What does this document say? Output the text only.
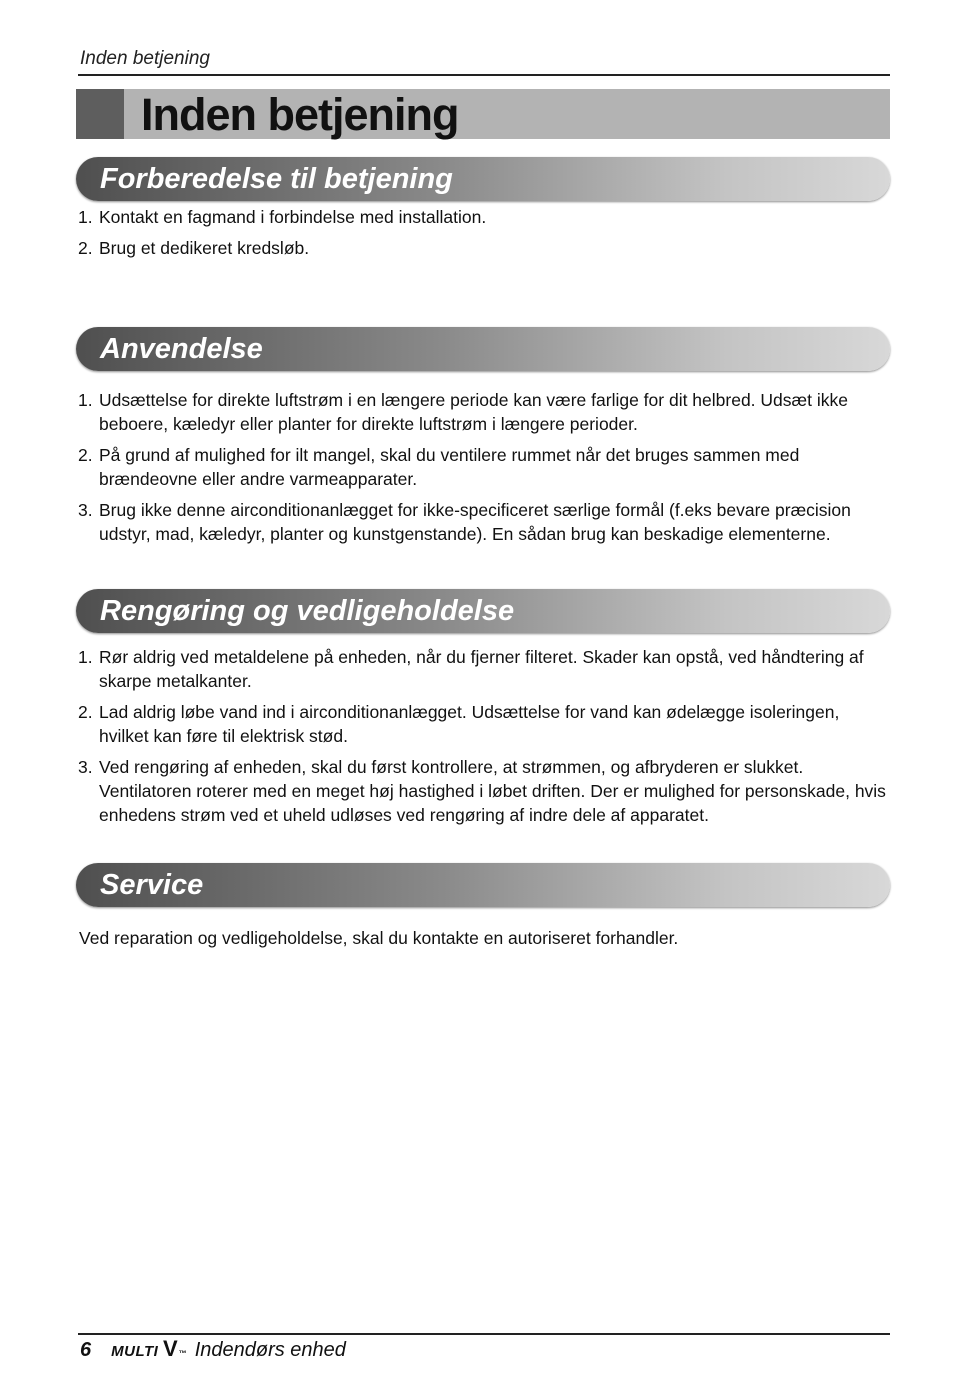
Inden betjening
Inden betjening
Forberedelse til betjening
1. Kontakt en fagmand i forbindelse med installation.
2. Brug et dedikeret kredsløb.
Anvendelse
1. Udsættelse for direkte luftstrøm i en længere periode kan være farlige for dit helbred. Udsæt ikke beboere, kæledyr eller planter for direkte luftstrøm i længere perioder.
2. På grund af mulighed for ilt mangel, skal du ventilere rummet når det bruges sammen med brændeovne eller andre varmeapparater.
3. Brug ikke denne airconditionanlægget for ikke-specificeret særlige formål (f.eks bevare præcision udstyr, mad, kæledyr, planter og kunstgenstande). En sådan brug kan beskadige elementerne.
Rengøring og vedligeholdelse
1. Rør aldrig ved metaldelene på enheden, når du fjerner filteret. Skader kan opstå, ved håndtering af skarpe metalkanter.
2. Lad aldrig løbe vand ind i airconditionanlægget. Udsættelse for vand kan ødelægge isoleringen, hvilket kan føre til elektrisk stød.
3. Ved rengøring af enheden, skal du først kontrollere, at strømmen, og afbryderen er slukket. Ventilatoren roterer med en meget høj hastighed i løbet driften. Der er mulighed for personskade, hvis enhedens strøm ved et uheld udløses ved rengøring af indre dele af apparatet.
Service

Ved reparation og vedligeholdelse, skal du kontakte en autoriseret forhandler.

6 MULTI V™ Indendørs enhed
